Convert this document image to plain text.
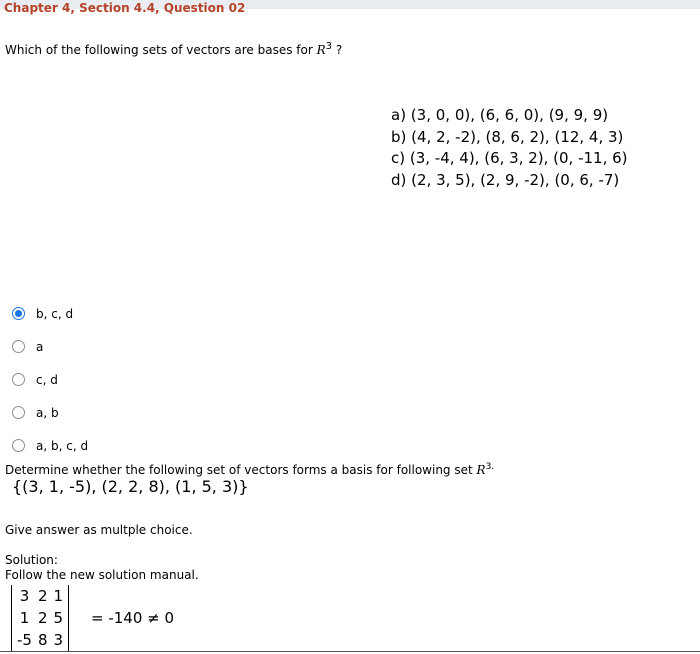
Chapter 4, Section 4.4, Question 02
Which of the following sets of vectors are bases for $R^3$ ?
a) (3, 0, 0), (6, 6, 0), (9, 9, 9)
b) (4, 2, -2), (8, 6, 2), (12, 4, 3)
c) (3, -4, 4), (6, 3, 2), (0, -11, 6)
d) (2, 3, 5), (2, 9, -2), (0, 6, -7)
b, c, d
a
c, d
a, b
a, b, c, d
Determine whether the following set of vectors forms a basis for following set $R^{3.}$
{(3, 1, -5), (2, 2, 8), (1, 5, 3)}
Give answer as multple choice.
Solution:
Follow the new solution manual.
3	2	1
1	2	5
-5	8	3
= -140 ≠ 0
